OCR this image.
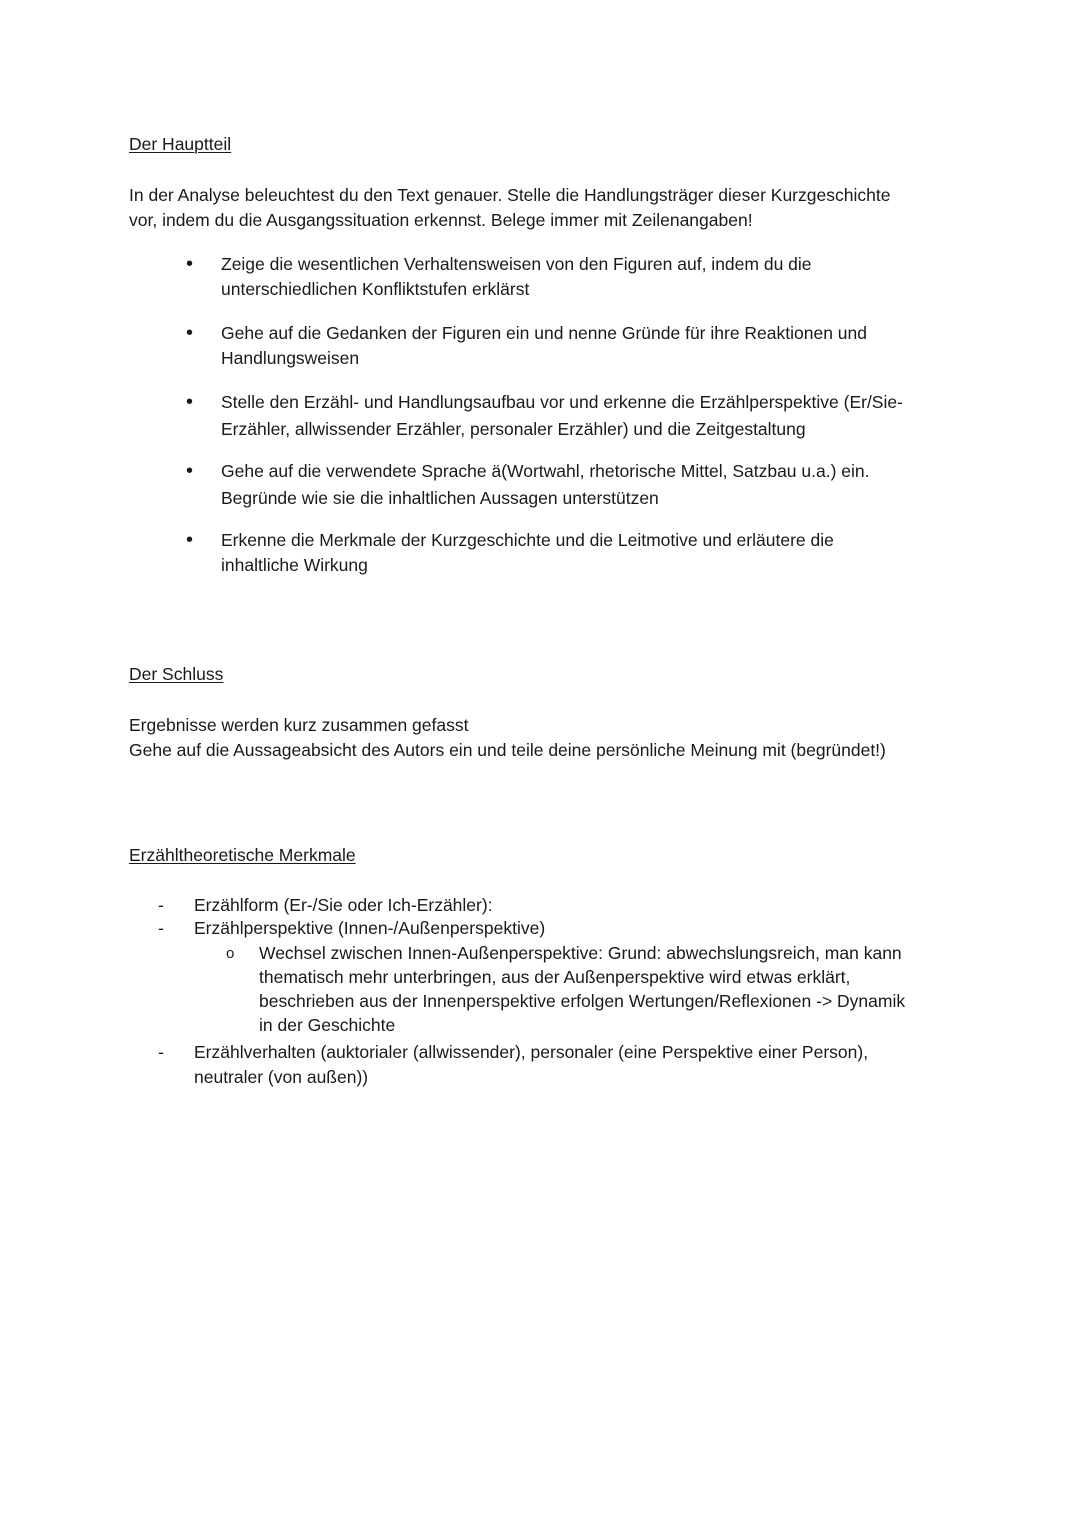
Der Hauptteil
In der Analyse beleuchtest du den Text genauer. Stelle die Handlungsträger dieser Kurzgeschichte
vor, indem du die Ausgangssituation erkennst. Belege immer mit Zeilenangaben!
• Zeige die wesentlichen Verhaltensweisen von den Figuren auf, indem du die
unterschiedlichen Konfliktstufen erklärst
• Gehe auf die Gedanken der Figuren ein und nenne Gründe für ihre Reaktionen und
Handlungsweisen
• Stelle den Erzähl- und Handlungsaufbau vor und erkenne die Erzählperspektive (Er/Sie-
Erzähler, allwissender Erzähler, personaler Erzähler) und die Zeitgestaltung
• Gehe auf die verwendete Sprache ä(Wortwahl, rhetorische Mittel, Satzbau u.a.) ein.
Begründe wie sie die inhaltlichen Aussagen unterstützen
• Erkenne die Merkmale der Kurzgeschichte und die Leitmotive und erläutere die
inhaltliche Wirkung
Der Schluss
Ergebnisse werden kurz zusammen gefasst
Gehe auf die Aussageabsicht des Autors ein und teile deine persönliche Meinung mit (begründet!)
Erzähltheoretische Merkmale
- Erzählform (Er-/Sie oder Ich-Erzähler):
- Erzählperspektive (Innen-/Außenperspektive)
o Wechsel zwischen Innen-Außenperspektive: Grund: abwechslungsreich, man kann
thematisch mehr unterbringen, aus der Außenperspektive wird etwas erklärt,
beschrieben aus der Innenperspektive erfolgen Wertungen/Reflexionen -> Dynamik
in der Geschichte
- Erzählverhalten (auktorialer (allwissender), personaler (eine Perspektive einer Person),
neutraler (von außen))
